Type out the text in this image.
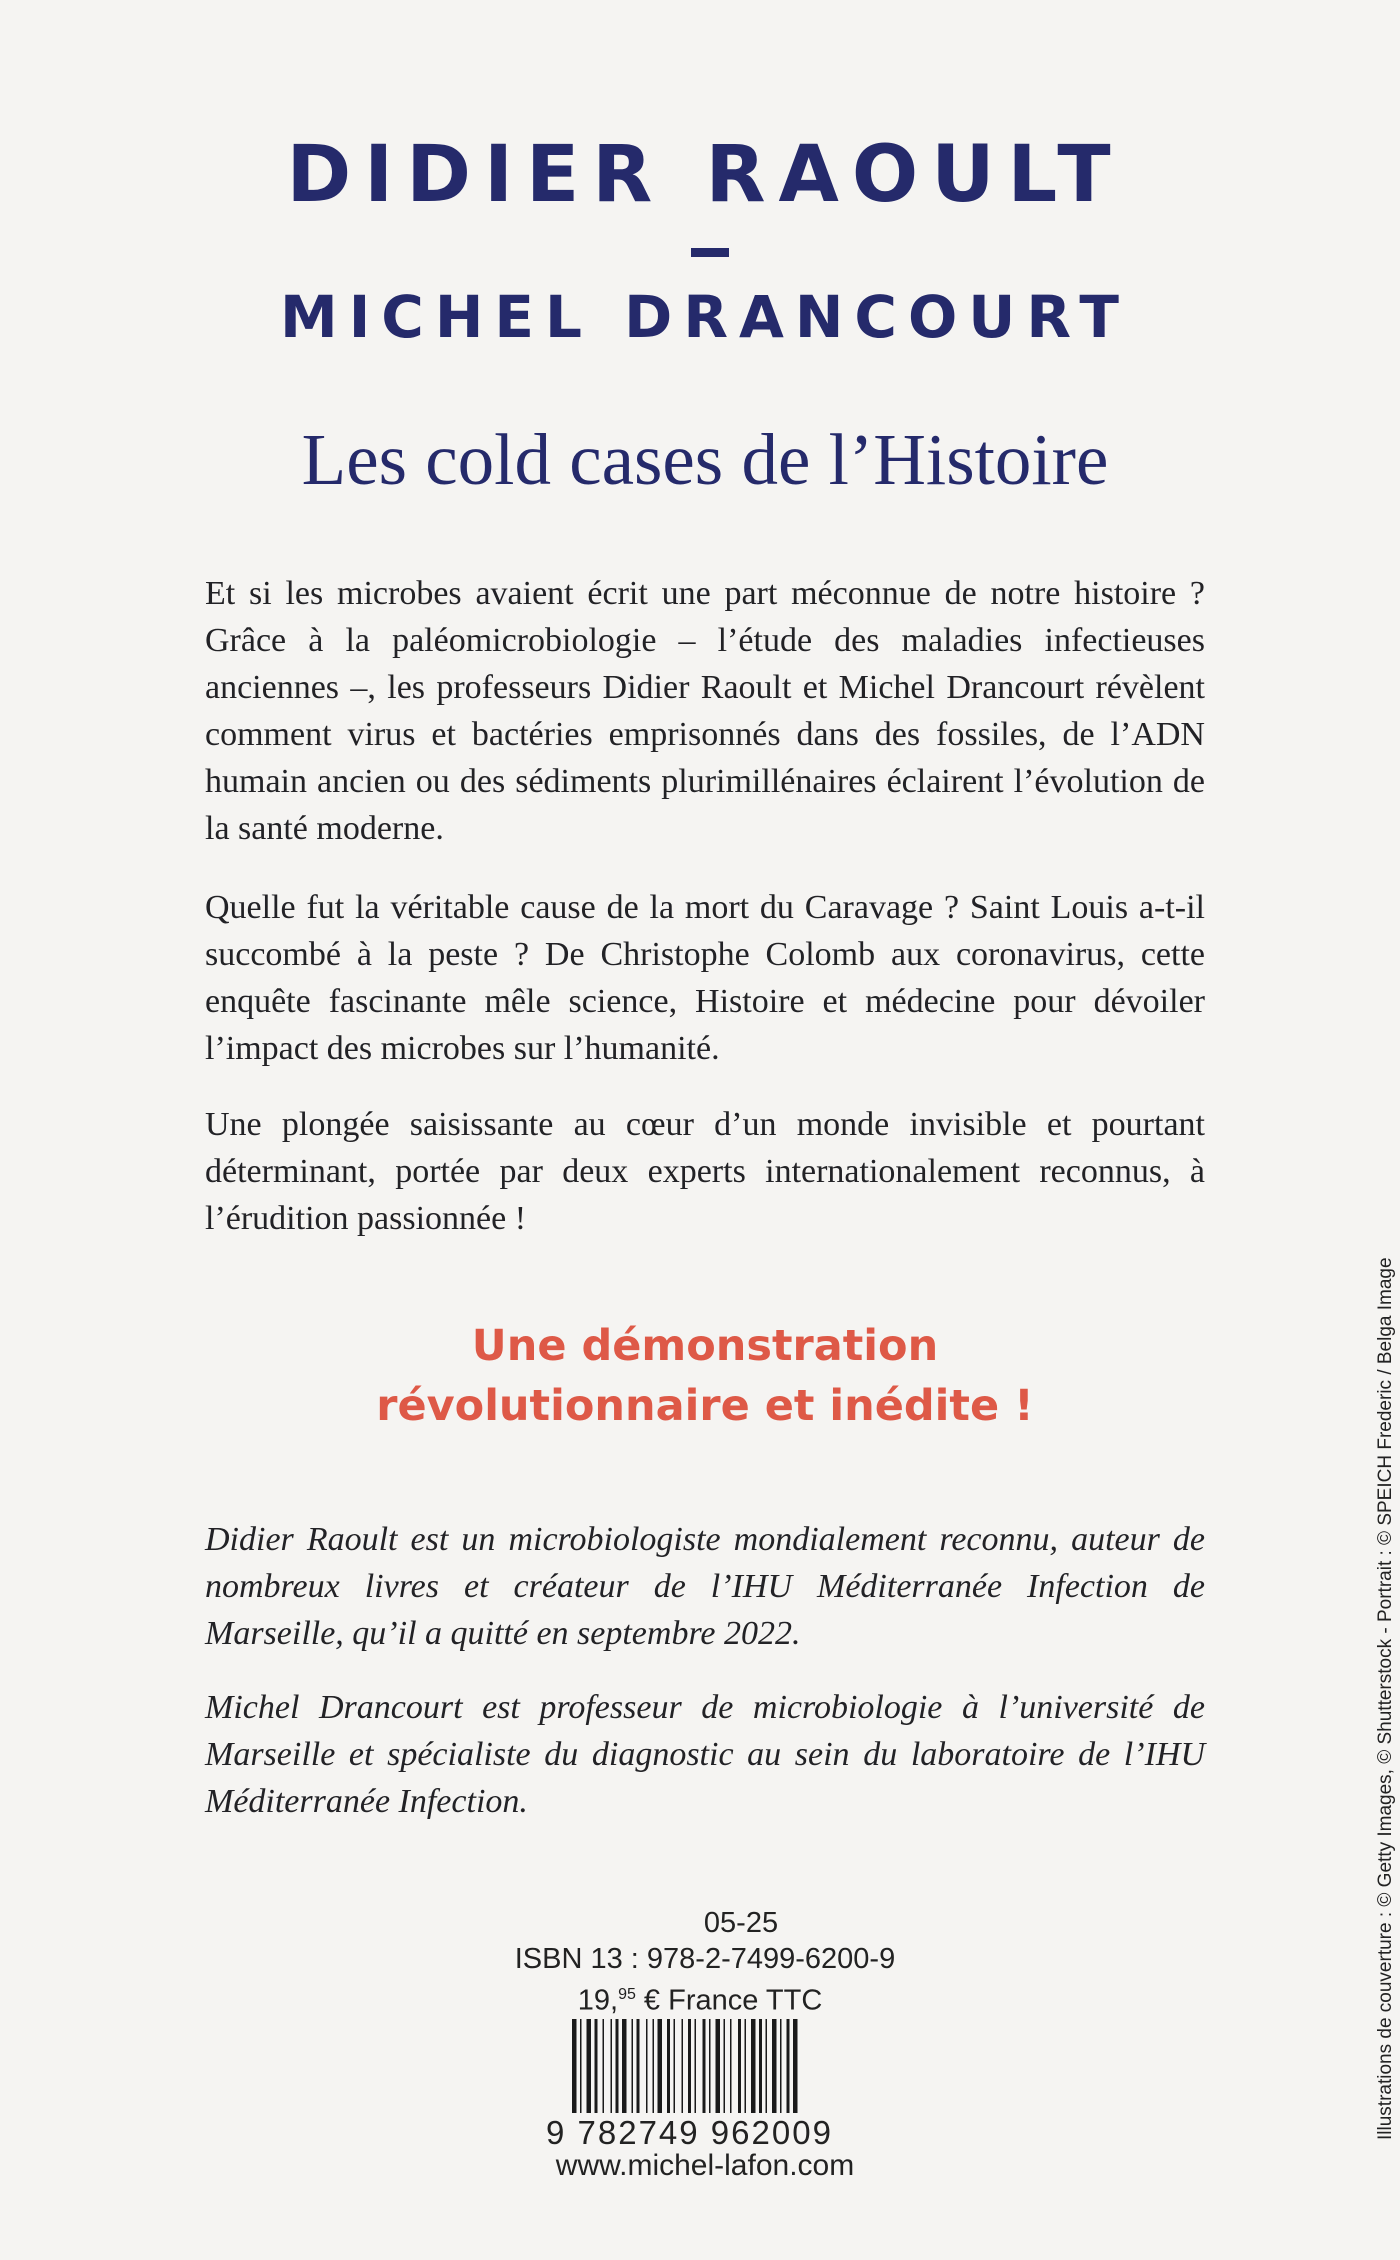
DIDIER RAOULT
MICHEL DRANCOURT
Les cold cases de l’Histoire

Et si les microbes avaient écrit une part méconnue de notre histoire ? Grâce à la paléomicrobiologie – l’étude des maladies infectieuses anciennes –, les professeurs Didier Raoult et Michel Drancourt révèlent comment virus et bactéries emprisonnés dans des fossiles, de l’ADN humain ancien ou des sédiments plurimillénaires éclairent l’évolution de la santé moderne.

Quelle fut la véritable cause de la mort du Caravage ? Saint Louis a-t-il succombé à la peste ? De Christophe Colomb aux coronavirus, cette enquête fascinante mêle science, Histoire et médecine pour dévoiler l’impact des microbes sur l’humanité.

Une plongée saisissante au cœur d’un monde invisible et pourtant déterminant, portée par deux experts internationalement reconnus, à l’érudition passionnée !

Une démonstration
révolutionnaire et inédite !

Didier Raoult est un microbiologiste mondialement reconnu, auteur de nombreux livres et créateur de l’IHU Méditerranée Infection de Marseille, qu’il a quitté en septembre 2022.

Michel Drancourt est professeur de microbiologie à l’université de Marseille et spécialiste du diagnostic au sein du laboratoire de l’IHU Méditerranée Infection.

05-25
ISBN 13 : 978-2-7499-6200-9
19,95 € France TTC
9 782749 962009
www.michel-lafon.com
Illustrations de couverture : © Getty Images, © Shutterstock - Portrait : © SPEICH Frederic / Belga Image
